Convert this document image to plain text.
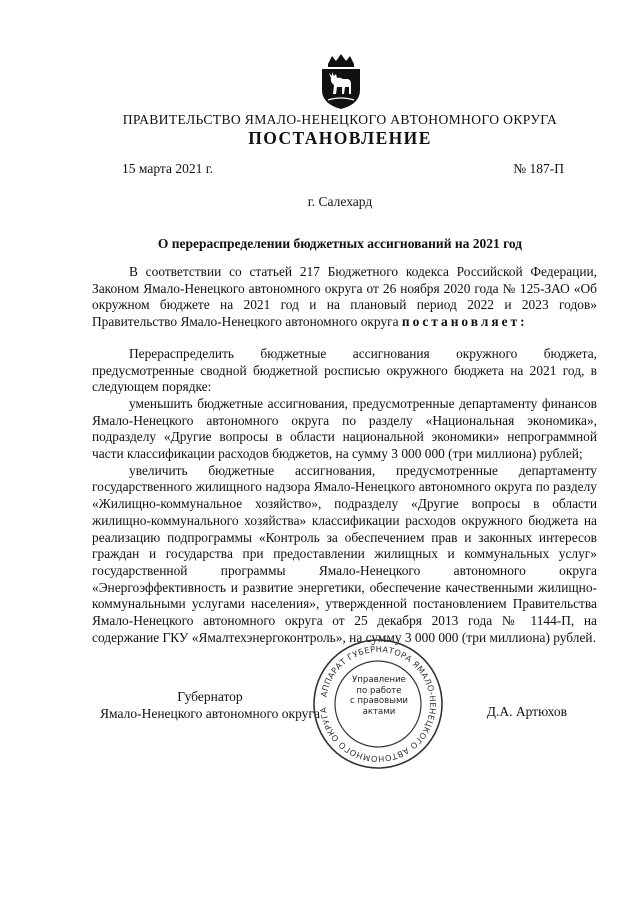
ПРАВИТЕЛЬСТВО ЯМАЛО-НЕНЕЦКОГО АВТОНОМНОГО ОКРУГА
ПОСТАНОВЛЕНИЕ
15 марта 2021 г.	№ 187-П
г. Салехард
О перераспределении бюджетных ассигнований на 2021 год

В соответствии со статьей 217 Бюджетного кодекса Российской Федерации, Законом Ямало-Ненецкого автономного округа от 26 ноября 2020 года № 125-ЗАО «Об окружном бюджете на 2021 год и на плановый период 2022 и 2023 годов» Правительство Ямало-Ненецкого автономного округа постановляет:

Перераспределить бюджетные ассигнования окружного бюджета, предусмотренные сводной бюджетной росписью окружного бюджета на 2021 год, в следующем порядке:

уменьшить бюджетные ассигнования, предусмотренные департаменту финансов Ямало-Ненецкого автономного округа по разделу «Национальная экономика», подразделу «Другие вопросы в области национальной экономики» непрограммной части классификации расходов бюджетов, на сумму 3 000 000 (три миллиона) рублей;

увеличить бюджетные ассигнования, предусмотренные департаменту государственного жилищного надзора Ямало-Ненецкого автономного округа по разделу «Жилищно-коммунальное хозяйство», подразделу «Другие вопросы в области жилищно-коммунального хозяйства» классификации расходов окружного бюджета на реализацию подпрограммы «Контроль за обеспечением прав и законных интересов граждан и государства при предоставлении жилищных и коммунальных услуг» государственной программы Ямало-Ненецкого автономного округа «Энергоэффективность и развитие энергетики, обеспечение качественными жилищно-коммунальными услугами населения», утвержденной постановлением Правительства Ямало-Ненецкого автономного округа от 25 декабря 2013 года № 1144-П, на содержание ГКУ «Ямалтехэнергоконтроль», на сумму 3 000 000 (три миллиона) рублей.

Губернатор
Ямало-Ненецкого автономного округа	Д.А. Артюхов
АППАРАТ ГУБЕРНАТОРА ЯМАЛО-НЕНЕЦКОГО АВТОНОМНОГО ОКРУГА
Управление
по работе
с правовыми
актами
